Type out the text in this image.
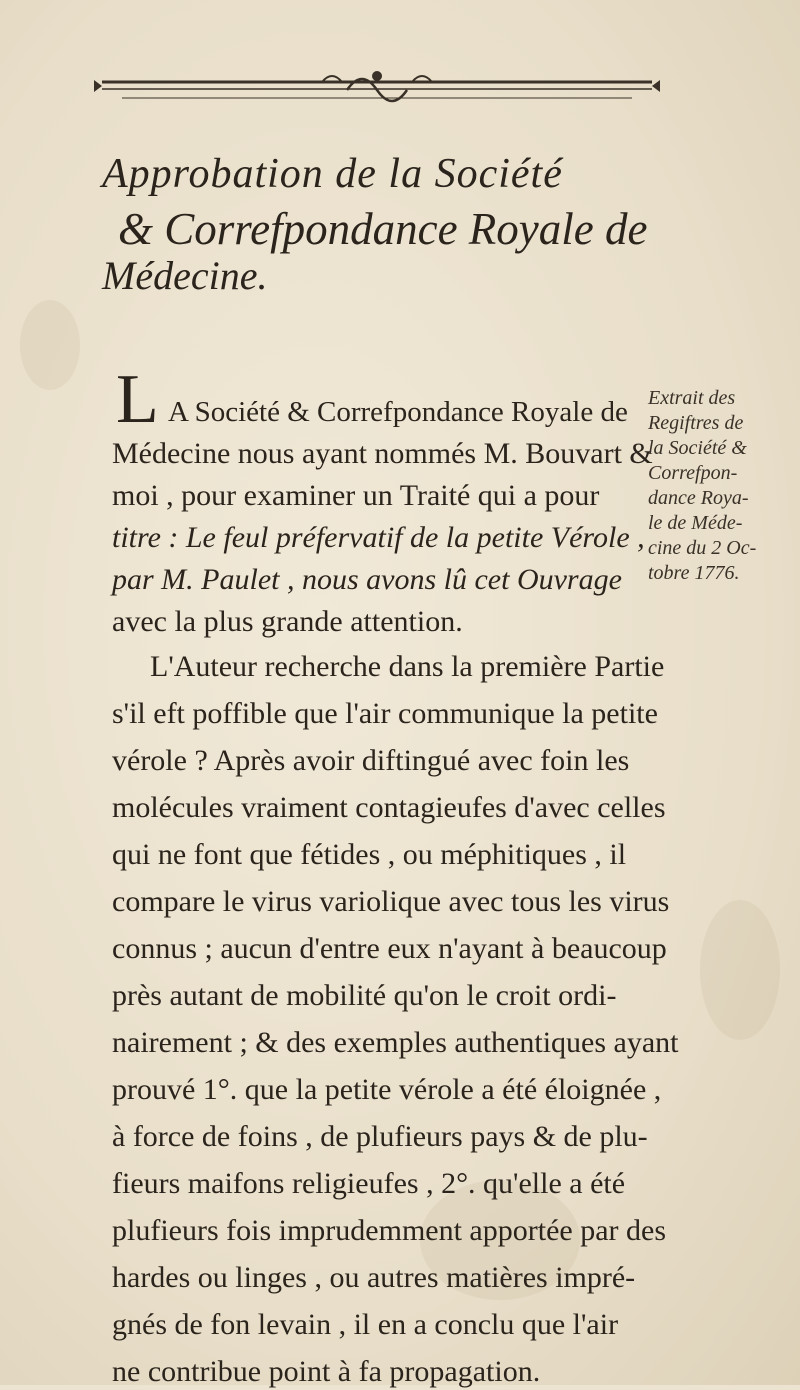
Approbation de la Société
& Correfpondance Royale de
Médecine.
L A Société & Correfpondance Royale de
Médecine nous ayant nommés M. Bouvart &
moi , pour examiner un Traité qui a pour
titre : Le feul préfervatif de la petite Vérole ,
par M. Paulet , nous avons lû cet Ouvrage
avec la plus grande attention.
L'Auteur recherche dans la première Partie
s'il eft poffible que l'air communique la petite
vérole ? Après avoir diftingué avec foin les
molécules vraiment contagieufes d'avec celles
qui ne font que fétides , ou méphitiques , il
compare le virus variolique avec tous les virus
connus ; aucun d'entre eux n'ayant à beaucoup
près autant de mobilité qu'on le croit ordi-
nairement ; & des exemples authentiques ayant
prouvé 1°. que la petite vérole a été éloignée ,
à force de foins , de plufieurs pays & de plu-
fieurs maifons religieufes , 2°. qu'elle a été
plufieurs fois imprudemment apportée par des
hardes ou linges , ou autres matières impré-
gnés de fon levain , il en a conclu que l'air
ne contribue point à fa propagation.
Extrait des
Regiftres de
la Société &
Correfpon-
dance Roya-
le de Méde-
cine du 2 Oc-
tobre 1776.
